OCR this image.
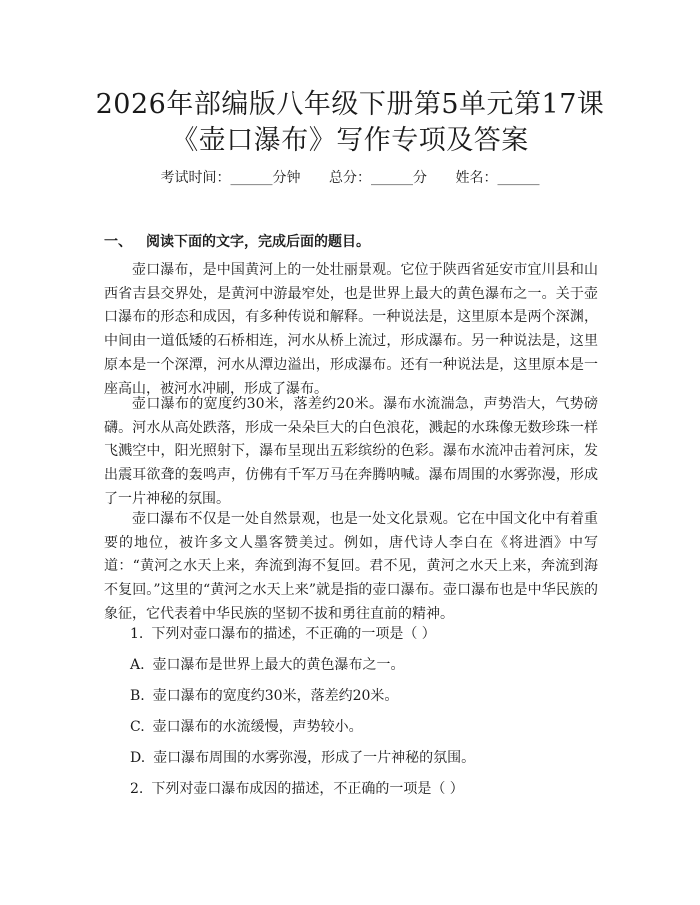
2026年部编版八年级下册第5单元第17课
《壶口瀑布》写作专项及答案
考试时间：______分钟 总分：______分 姓名：______
一、 阅读下面的文字，完成后面的题目。

壶口瀑布，是中国黄河上的一处壮丽景观。它位于陕西省延安市宜川县和山西省吉县交界处，是黄河中游最窄处，也是世界上最大的黄色瀑布之一。关于壶口瀑布的形态和成因，有多种传说和解释。一种说法是，这里原本是两个深渊，中间由一道低矮的石桥相连，河水从桥上流过，形成瀑布。另一种说法是，这里原本是一个深潭，河水从潭边溢出，形成瀑布。还有一种说法是，这里原本是一座高山，被河水冲刷，形成了瀑布。

壶口瀑布的宽度约30米，落差约20米。瀑布水流湍急，声势浩大，气势磅礴。河水从高处跌落，形成一朵朵巨大的白色浪花，溅起的水珠像无数珍珠一样飞溅空中，阳光照射下，瀑布呈现出五彩缤纷的色彩。瀑布水流冲击着河床，发出震耳欲聋的轰鸣声，仿佛有千军万马在奔腾呐喊。瀑布周围的水雾弥漫，形成了一片神秘的氛围。

壶口瀑布不仅是一处自然景观，也是一处文化景观。它在中国文化中有着重要的地位，被许多文人墨客赞美过。例如，唐代诗人李白在《将进酒》中写道：“黄河之水天上来，奔流到海不复回。君不见，黄河之水天上来，奔流到海不复回。”这里的“黄河之水天上来”就是指的壶口瀑布。壶口瀑布也是中华民族的象征，它代表着中华民族的坚韧不拔和勇往直前的精神。

1. 下列对壶口瀑布的描述，不正确的一项是（ ）
A. 壶口瀑布是世界上最大的黄色瀑布之一。
B. 壶口瀑布的宽度约30米，落差约20米。
C. 壶口瀑布的水流缓慢，声势较小。
D. 壶口瀑布周围的水雾弥漫，形成了一片神秘的氛围。
2. 下列对壶口瀑布成因的描述，不正确的一项是（ ）
